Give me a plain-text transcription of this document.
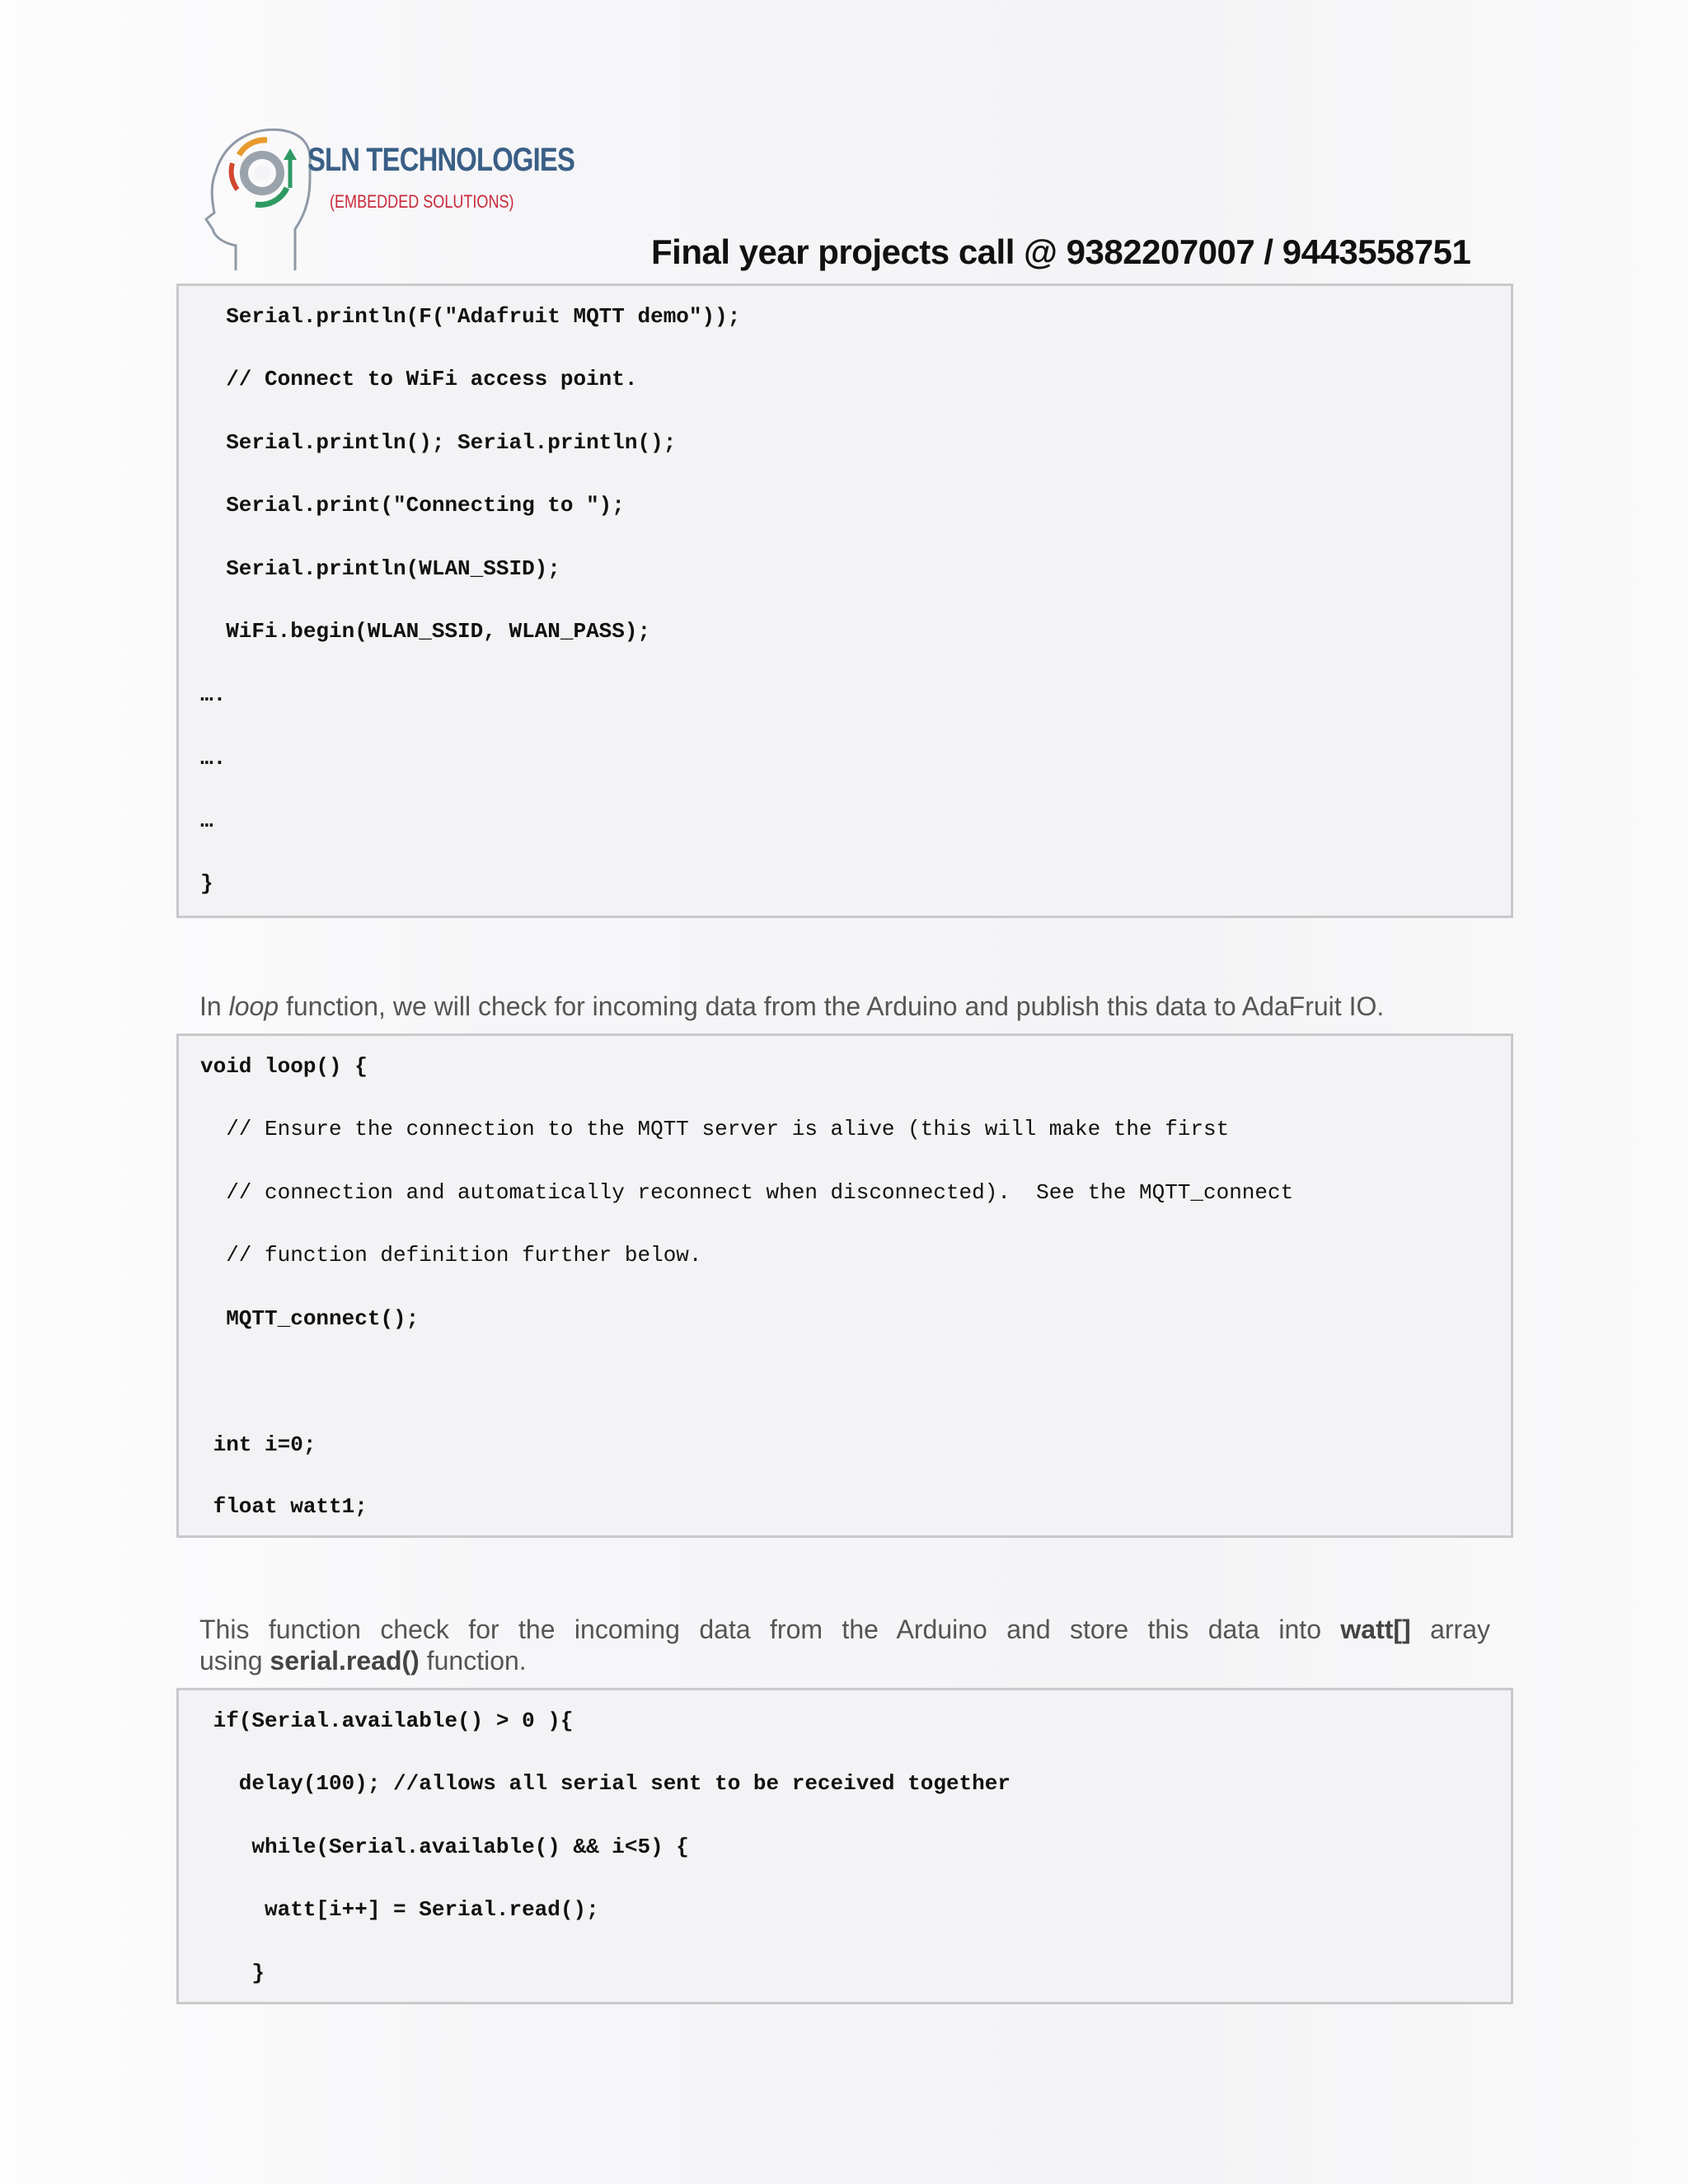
SLN TECHNOLOGIES
(EMBEDDED SOLUTIONS)
Final year projects call @ 9382207007 / 9443558751
Serial.println(F("Adafruit MQTT demo"));
// Connect to WiFi access point.
Serial.println(); Serial.println();
Serial.print("Connecting to ");
Serial.println(WLAN_SSID);
WiFi.begin(WLAN_SSID, WLAN_PASS);
….
….
…
}
In loop function, we will check for incoming data from the Arduino and publish this data to AdaFruit IO.
void loop() {
// Ensure the connection to the MQTT server is alive (this will make the first
// connection and automatically reconnect when disconnected).  See the MQTT_connect
// function definition further below.
MQTT_connect();
int i=0;
float watt1;
This function check for the incoming data from the Arduino and store this data into watt[] array
using serial.read() function.
if(Serial.available() > 0 ){
delay(100); //allows all serial sent to be received together
while(Serial.available() && i<5) {
watt[i++] = Serial.read();
}
